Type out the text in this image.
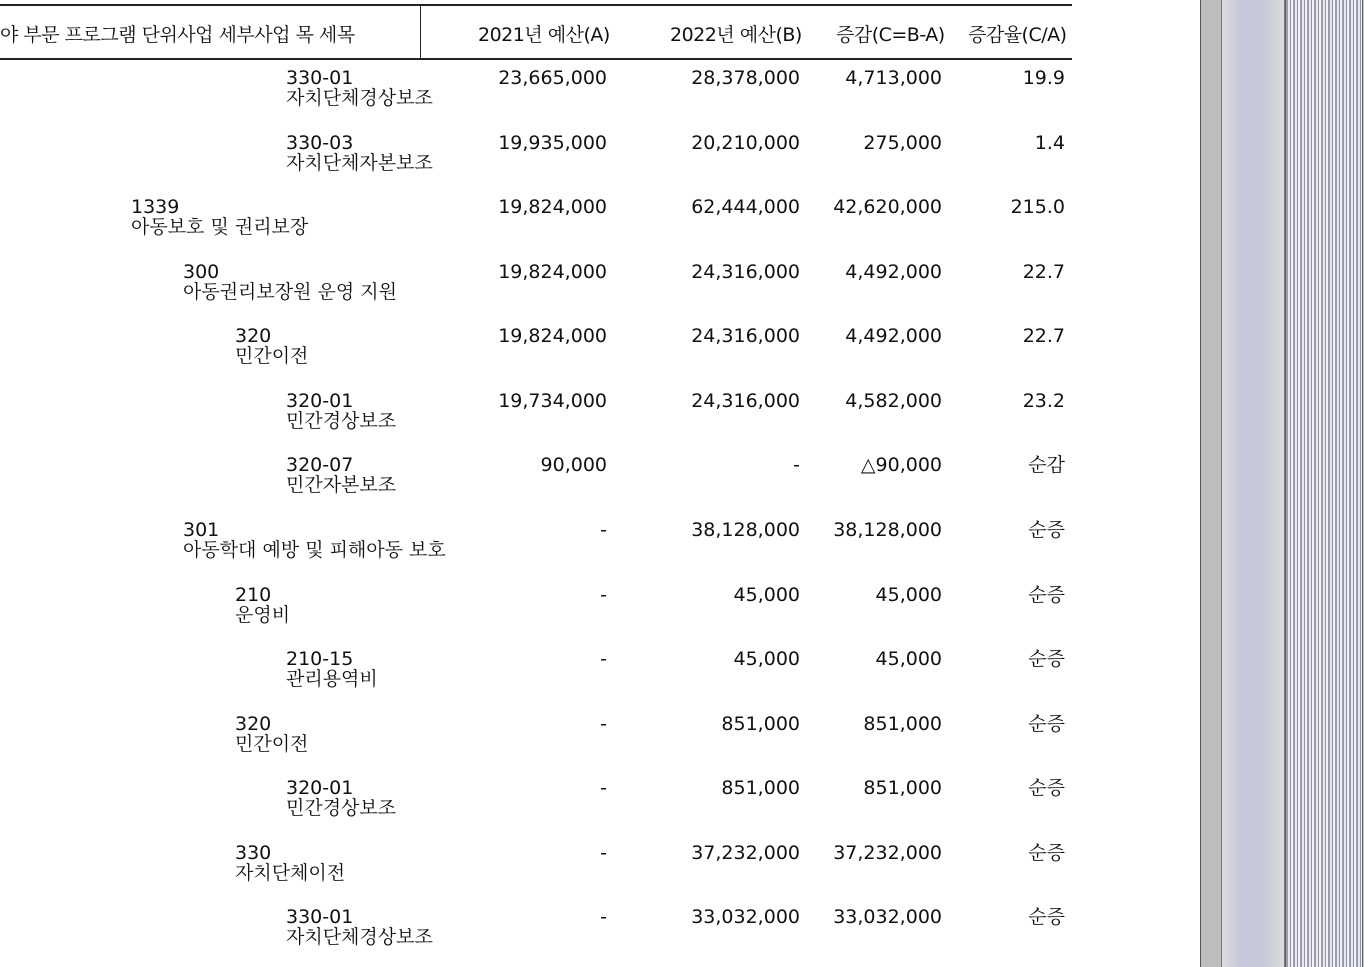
야 부문 프로그램 단위사업 세부사업 목 세목	2021년 예산(A)	2022년 예산(B) 증감(C=B-A) 증감율(C/A)
330-01
자치단체경상보조
23,665,000	28,378,000	4,713,000	19.9
330-03
자치단체자본보조
19,935,000	20,210,000	275,000	1.4
1339
아동보호 및 권리보장
19,824,000	62,444,000	42,620,000	215.0
300
아동권리보장원 운영 지원
19,824,000	24,316,000	4,492,000	22.7
320
민간이전
19,824,000	24,316,000	4,492,000	22.7
320-01
민간경상보조
19,734,000	24,316,000	4,582,000	23.2
320-07
민간자본보조
90,000	-	△90,000	순감
301
아동학대 예방 및 피해아동 보호
-	38,128,000	38,128,000	순증
210
운영비
-	45,000	45,000	순증
210-15
관리용역비
-	45,000	45,000	순증
320
민간이전
-	851,000	851,000	순증
320-01
민간경상보조
-	851,000	851,000	순증
330
자치단체이전
-	37,232,000	37,232,000	순증
330-01
자치단체경상보조
-	33,032,000	33,032,000	순증
